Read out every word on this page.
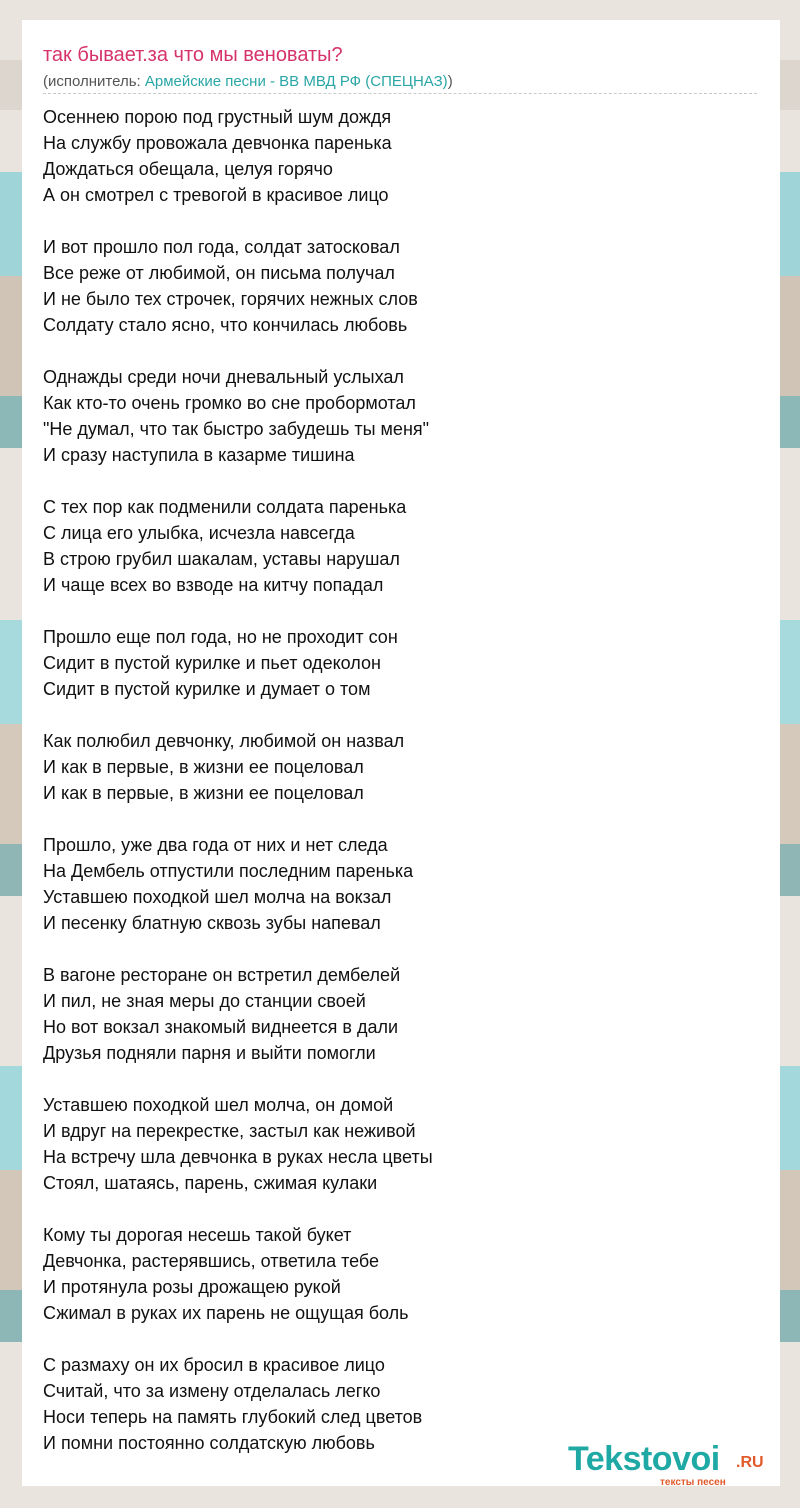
так бывает.за что мы веноваты?
(исполнитель: Армейские песни - ВВ МВД РФ (СПЕЦНАЗ))
Осеннею порою под грустный шум дождя
На службу провожала девчонка паренька
Дождаться обещала, целуя горячо
А он смотрел с тревогой в красивое лицо
И вот прошло пол года, солдат затосковал
Все реже от любимой, он письма получал
И не было тех строчек, горячих нежных слов
Солдату стало ясно, что кончилась любовь
Однажды среди ночи дневальный услыхал
Как кто-то очень громко во сне пробормотал
"Не думал, что так быстро забудешь ты меня"
И сразу наступила в казарме тишина
С тех пор как подменили солдата паренька
С лица его улыбка, исчезла навсегда
В строю грубил шакалам, уставы нарушал
И чаще всех во взводе на китчу попадал
Прошло еще пол года, но не проходит сон
Сидит в пустой курилке и пьет одеколон
Сидит в пустой курилке и думает о том
Как полюбил девчонку, любимой он назвал
И как в первые, в жизни ее поцеловал
И как в первые, в жизни ее поцеловал
Прошло, уже два года от них и нет следа
На Дембель отпустили последним паренька
Уставшею походкой шел молча на вокзал
И песенку блатную сквозь зубы напевал
В вагоне ресторане он встретил дембелей
И пил, не зная меры до станции своей
Но вот вокзал знакомый виднеется в дали
Друзья подняли парня и выйти помогли
Уставшею походкой шел молча, он домой
И вдруг на перекрестке, застыл как неживой
На встречу шла девчонка в руках несла цветы
Стоял, шатаясь, парень, сжимая кулаки
Кому ты дорогая несешь такой букет
Девчонка, растерявшись, ответила тебе
И протянула розы дрожащею рукой
Сжимал в руках их парень не ощущая боль
С размаху он их бросил в красивое лицо
Считай, что за измену отделалась легко
Носи теперь на память глубокий след цветов
И помни постоянно солдатскую любовь	Tekstovoi .RU
тексты песен
